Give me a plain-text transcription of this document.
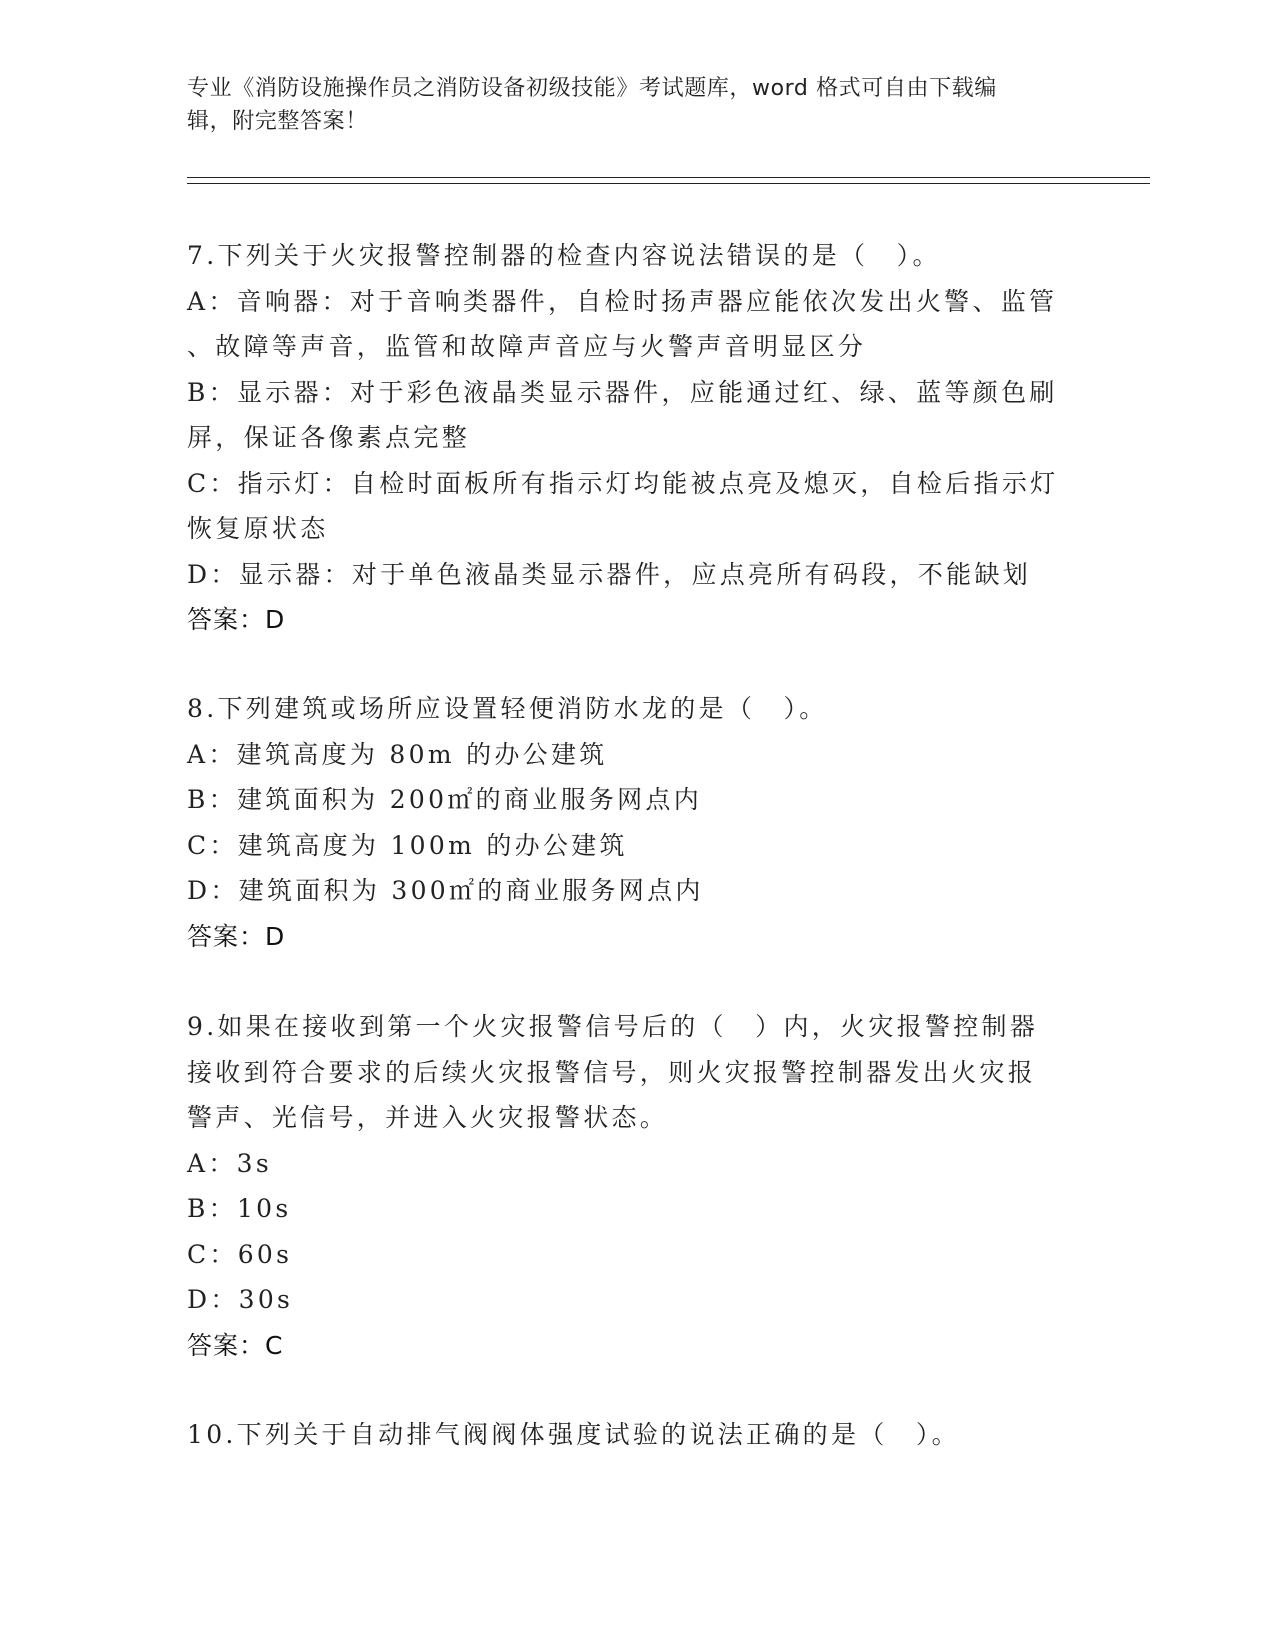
专业《消防设施操作员之消防设备初级技能》考试题库，word 格式可自由下载编
辑，附完整答案！
7.下列关于火灾报警控制器的检查内容说法错误的是（　）。
A：音响器：对于音响类器件，自检时扬声器应能依次发出火警、监管
、故障等声音，监管和故障声音应与火警声音明显区分
B：显示器：对于彩色液晶类显示器件，应能通过红、绿、蓝等颜色刷
屏，保证各像素点完整
C：指示灯：自检时面板所有指示灯均能被点亮及熄灭，自检后指示灯
恢复原状态
D：显示器：对于单色液晶类显示器件，应点亮所有码段，不能缺划
答案：D
8.下列建筑或场所应设置轻便消防水龙的是（　）。
A：建筑高度为 80m 的办公建筑
B：建筑面积为 200㎡的商业服务网点内
C：建筑高度为 100m 的办公建筑
D：建筑面积为 300㎡的商业服务网点内
答案：D
9.如果在接收到第一个火灾报警信号后的（　）内，火灾报警控制器
接收到符合要求的后续火灾报警信号，则火灾报警控制器发出火灾报
警声、光信号，并进入火灾报警状态。
A：3s
B：10s
C：60s
D：30s
答案：C
10.下列关于自动排气阀阀体强度试验的说法正确的是（　）。
